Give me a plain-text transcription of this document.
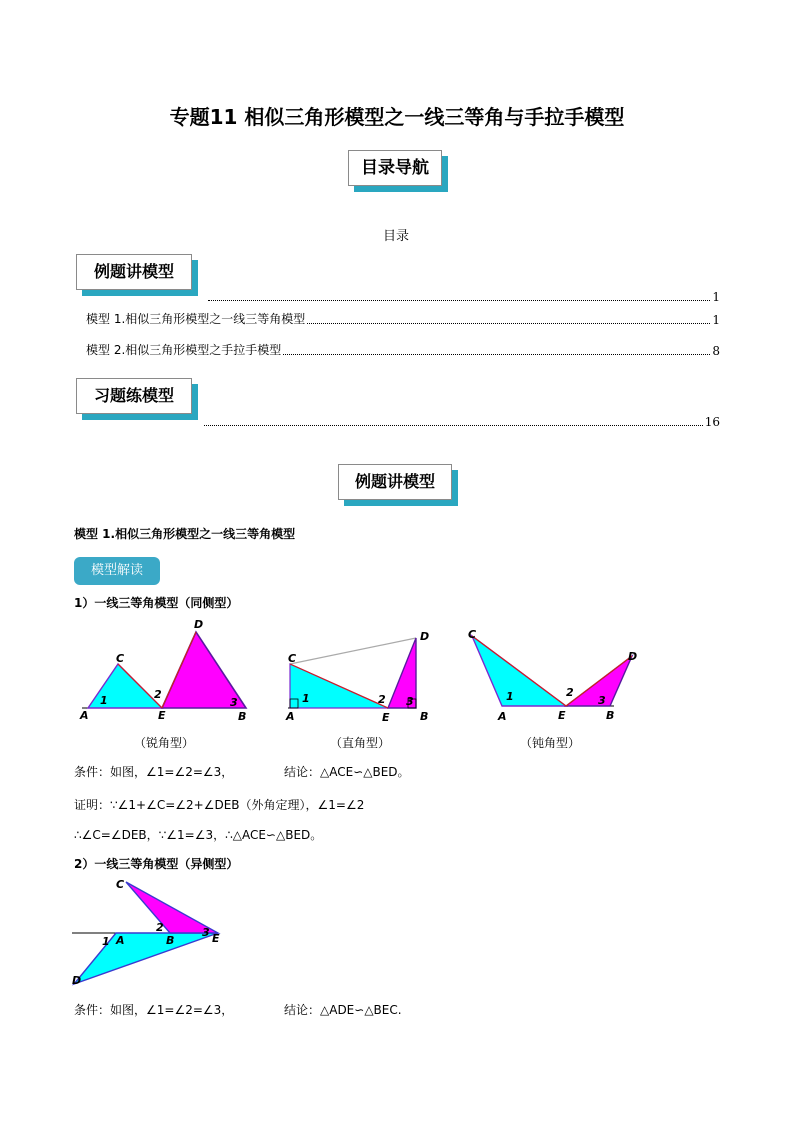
专题11 相似三角形模型之一线三等角与手拉手模型
目录导航
目录
例题讲模型
1
模型 1.相似三角形模型之一线三等角模型	1
模型 2.相似三角形模型之手拉手模型	8
习题练模型
16
例题讲模型
模型 1.相似三角形模型之一线三等角模型
模型解读
1）一线三等角模型（同侧型）
A
C
E
D
B
1	2
3
（锐角型）
A
C
E
D
B
1	2 3
（直角型）
A
C
E
D
B
1	2
3
（钝角型）
条件：如图，∠1=∠2=∠3，	结论：△ACE∽△BED。
证明：∵∠1+∠C=∠2+∠DEB（外角定理），∠1=∠2
∴∠C=∠DEB，∵∠1=∠3，∴△ACE∽△BED。
2）一线三等角模型（异侧型）
C
A	B	E
D
1
2	3
条件：如图，∠1=∠2=∠3，	结论：△ADE∽△BEC.
